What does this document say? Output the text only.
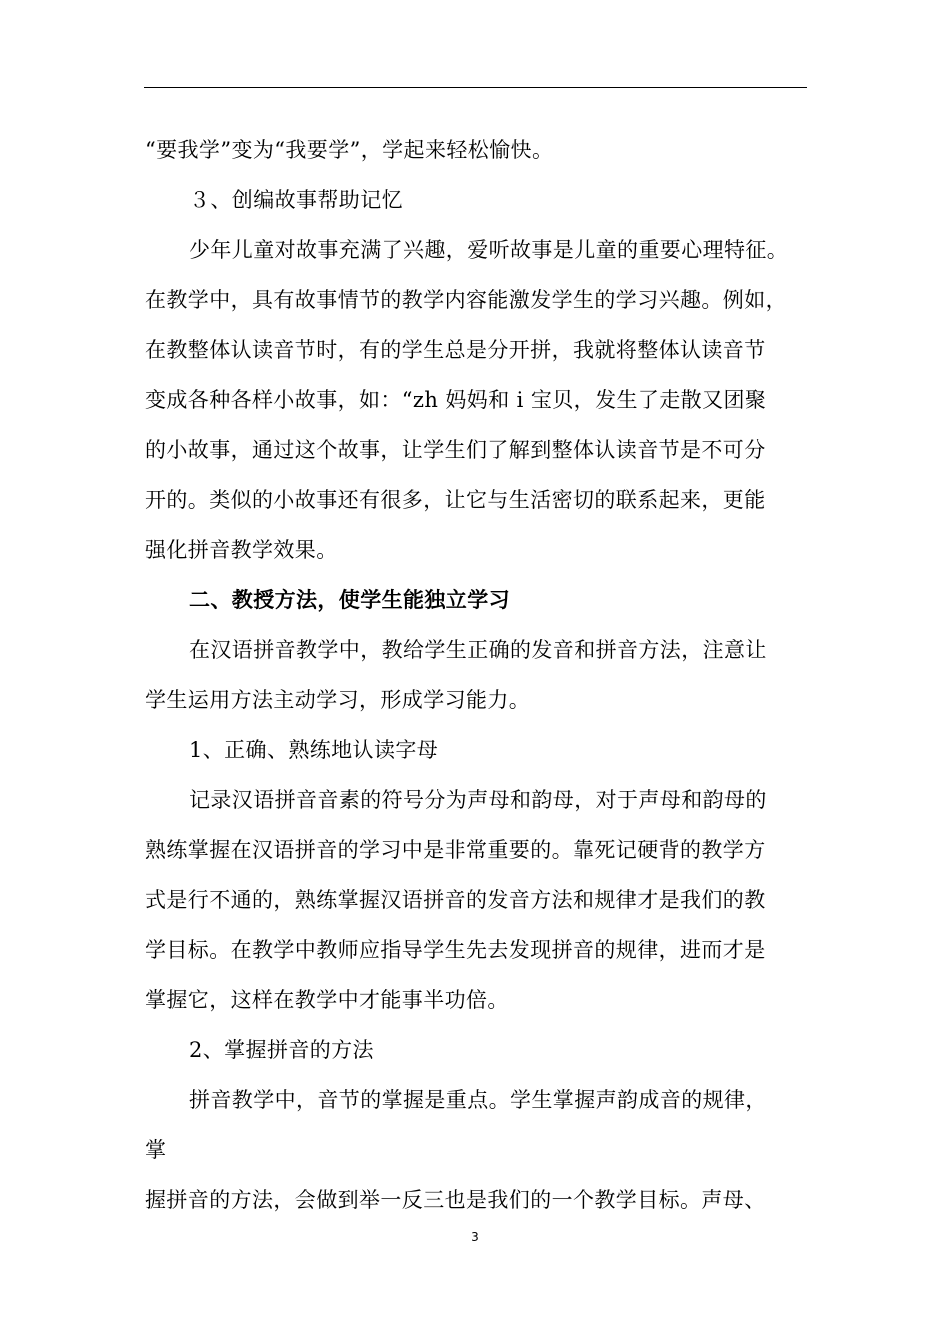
“要我学”变为“我要学”，学起来轻松愉快。
３、创编故事帮助记忆
少年儿童对故事充满了兴趣，爱听故事是儿童的重要心理特征。
在教学中，具有故事情节的教学内容能激发学生的学习兴趣。例如，
在教整体认读音节时，有的学生总是分开拼，我就将整体认读音节
变成各种各样小故事，如：“zh 妈妈和 i 宝贝，发生了走散又团聚
的小故事，通过这个故事，让学生们了解到整体认读音节是不可分
开的。类似的小故事还有很多，让它与生活密切的联系起来，更能
强化拼音教学效果。
二、教授方法，使学生能独立学习
在汉语拼音教学中，教给学生正确的发音和拼音方法，注意让
学生运用方法主动学习，形成学习能力。
1、正确、熟练地认读字母
记录汉语拼音音素的符号分为声母和韵母，对于声母和韵母的
熟练掌握在汉语拼音的学习中是非常重要的。靠死记硬背的教学方
式是行不通的，熟练掌握汉语拼音的发音方法和规律才是我们的教
学目标。在教学中教师应指导学生先去发现拼音的规律，进而才是
掌握它，这样在教学中才能事半功倍。
2、掌握拼音的方法
拼音教学中，音节的掌握是重点。学生掌握声韵成音的规律，
掌
握拼音的方法，会做到举一反三也是我们的一个教学目标。声母、
3
